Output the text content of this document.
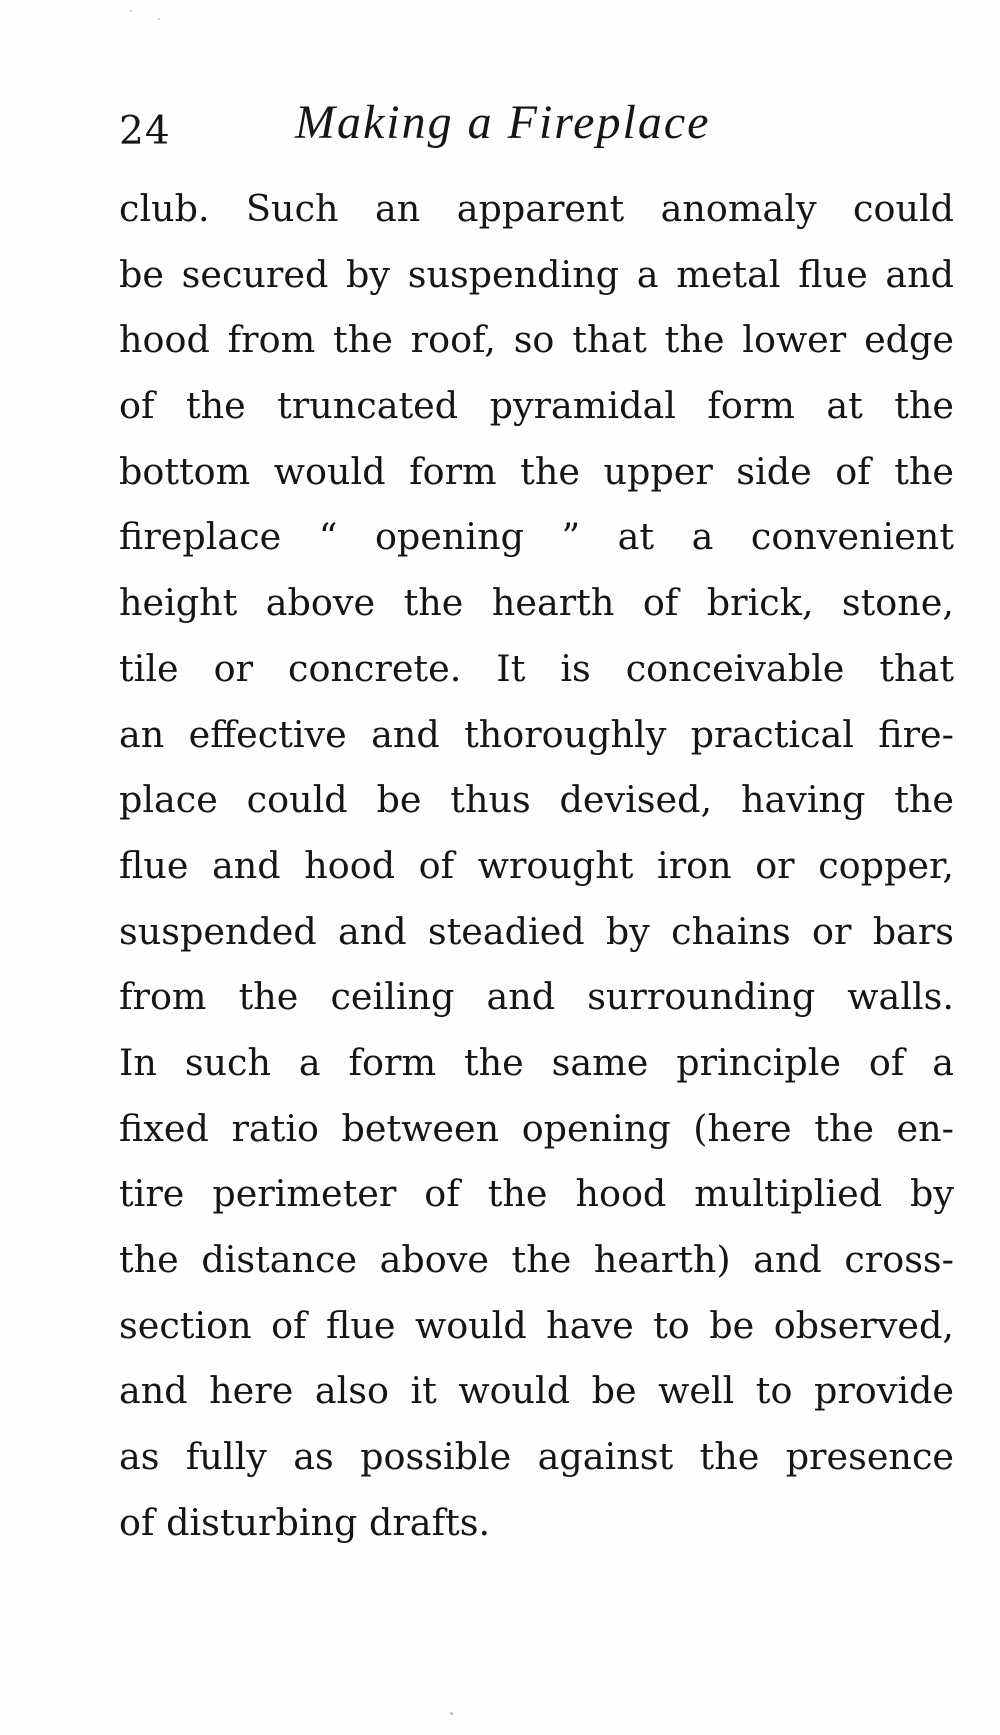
24	Making a Fireplace
club. Such an apparent anomaly could
be secured by suspending a metal flue and
hood from the roof, so that the lower edge
of the truncated pyramidal form at the
bottom would form the upper side of the
fireplace “ opening ” at a convenient
height above the hearth of brick, stone,
tile or concrete. It is conceivable that
an effective and thoroughly practical fire-
place could be thus devised, having the
flue and hood of wrought iron or copper,
suspended and steadied by chains or bars
from the ceiling and surrounding walls.
In such a form the same principle of a
fixed ratio between opening (here the en-
tire perimeter of the hood multiplied by
the distance above the hearth) and cross-
section of flue would have to be observed,
and here also it would be well to provide
as fully as possible against the presence
of disturbing drafts.
